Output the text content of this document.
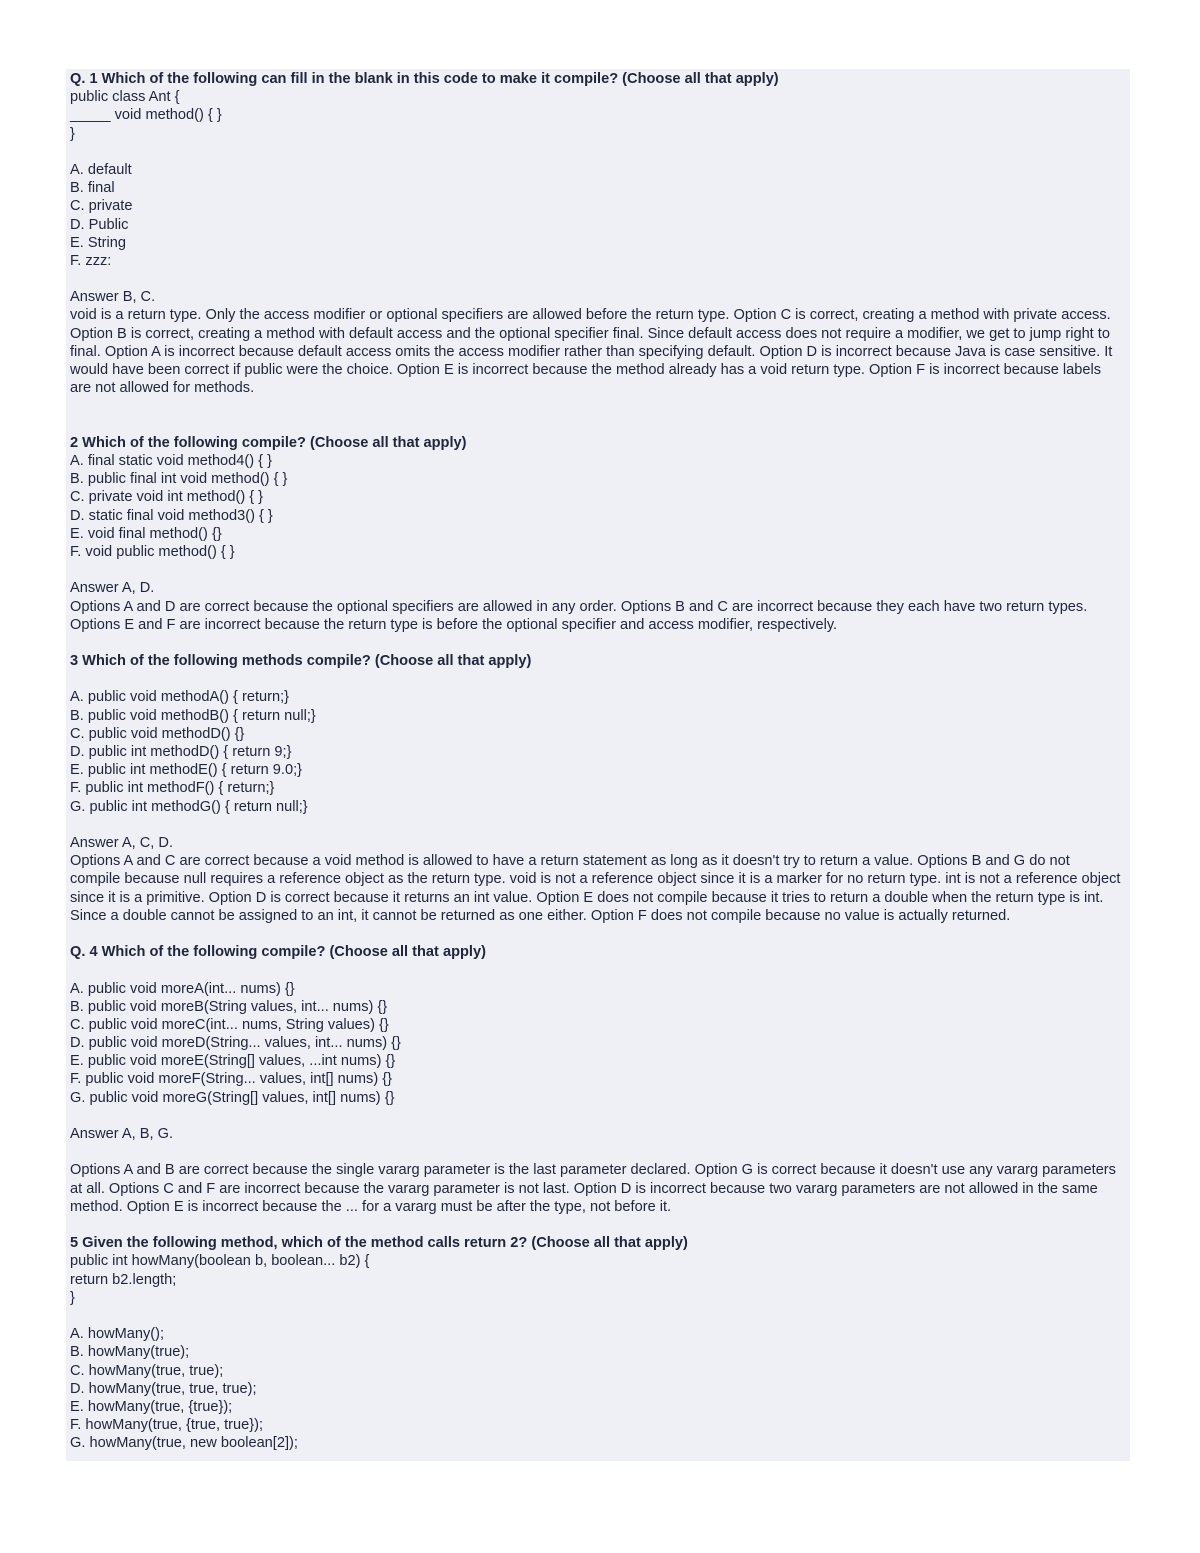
Q. 1 Which of the following can fill in the blank in this code to make it compile? (Choose all that apply)
public class Ant {
_____ void method() { }
}
A. default
B. final
C. private
D. Public
E. String
F. zzz:
Answer B, C.
void is a return type. Only the access modifier or optional specifiers are allowed before the return type. Option C is correct, creating a method with private access. Option B is correct, creating a method with default access and the optional specifier final. Since default access does not require a modifier, we get to jump right to final. Option A is incorrect because default access omits the access modifier rather than specifying default. Option D is incorrect because Java is case sensitive. It would have been correct if public were the choice. Option E is incorrect because the method already has a void return type. Option F is incorrect because labels are not allowed for methods.
2 Which of the following compile? (Choose all that apply)
A. final static void method4() { }
B. public final int void method() { }
C. private void int method() { }
D. static final void method3() { }
E. void final method() {}
F. void public method() { }
Answer A, D.
Options A and D are correct because the optional specifiers are allowed in any order. Options B and C are incorrect because they each have two return types. Options E and F are incorrect because the return type is before the optional specifier and access modifier, respectively.
3 Which of the following methods compile? (Choose all that apply)
A. public void methodA() { return;}
B. public void methodB() { return null;}
C. public void methodD() {}
D. public int methodD() { return 9;}
E. public int methodE() { return 9.0;}
F. public int methodF() { return;}
G. public int methodG() { return null;}
Answer A, C, D.
Options A and C are correct because a void method is allowed to have a return statement as long as it doesn't try to return a value. Options B and G do not compile because null requires a reference object as the return type. void is not a reference object since it is a marker for no return type. int is not a reference object since it is a primitive. Option D is correct because it returns an int value. Option E does not compile because it tries to return a double when the return type is int. Since a double cannot be assigned to an int, it cannot be returned as one either. Option F does not compile because no value is actually returned.
Q. 4 Which of the following compile? (Choose all that apply)
A. public void moreA(int... nums) {}
B. public void moreB(String values, int... nums) {}
C. public void moreC(int... nums, String values) {}
D. public void moreD(String... values, int... nums) {}
E. public void moreE(String[] values, ...int nums) {}
F. public void moreF(String... values, int[] nums) {}
G. public void moreG(String[] values, int[] nums) {}
Answer A, B, G.
Options A and B are correct because the single vararg parameter is the last parameter declared. Option G is correct because it doesn't use any vararg parameters at all. Options C and F are incorrect because the vararg parameter is not last. Option D is incorrect because two vararg parameters are not allowed in the same method. Option E is incorrect because the ... for a vararg must be after the type, not before it.
5 Given the following method, which of the method calls return 2? (Choose all that apply)
public int howMany(boolean b, boolean... b2) {
return b2.length;
}
A. howMany();
B. howMany(true);
C. howMany(true, true);
D. howMany(true, true, true);
E. howMany(true, {true});
F. howMany(true, {true, true});
G. howMany(true, new boolean[2]);
